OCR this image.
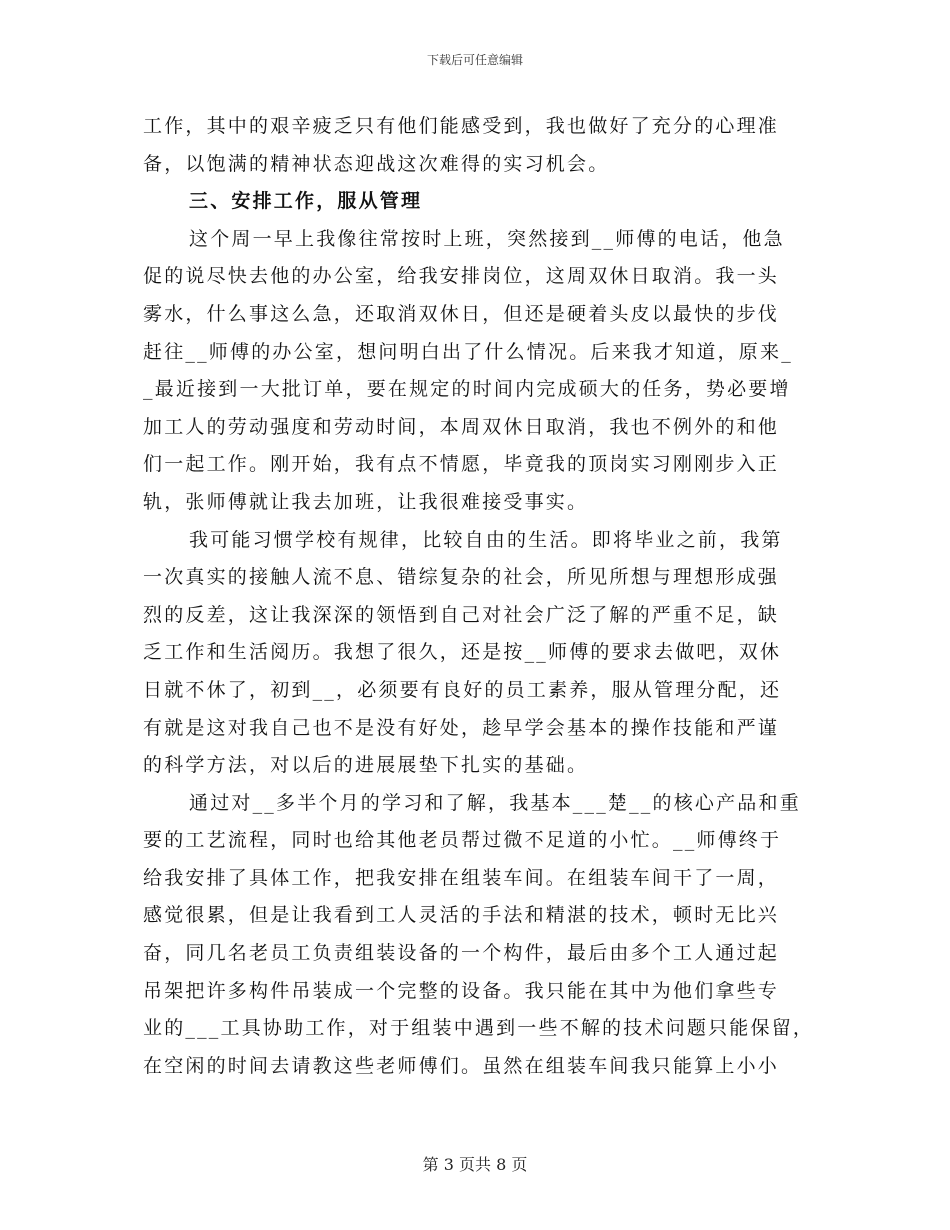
下载后可任意编辑
工作，其中的艰辛疲乏只有他们能感受到，我也做好了充分的心理准
备，以饱满的精神状态迎战这次难得的实习机会。
三、安排工作，服从管理
这个周一早上我像往常按时上班，突然接到__师傅的电话，他急
促的说尽快去他的办公室，给我安排岗位，这周双休日取消。我一头
雾水，什么事这么急，还取消双休日，但还是硬着头皮以最快的步伐
赶往__师傅的办公室，想问明白出了什么情况。后来我才知道，原来_
_最近接到一大批订单，要在规定的时间内完成硕大的任务，势必要增
加工人的劳动强度和劳动时间，本周双休日取消，我也不例外的和他
们一起工作。刚开始，我有点不情愿，毕竟我的顶岗实习刚刚步入正
轨，张师傅就让我去加班，让我很难接受事实。
我可能习惯学校有规律，比较自由的生活。即将毕业之前，我第
一次真实的接触人流不息、错综复杂的社会，所见所想与理想形成强
烈的反差，这让我深深的领悟到自己对社会广泛了解的严重不足，缺
乏工作和生活阅历。我想了很久，还是按__师傅的要求去做吧，双休
日就不休了，初到__，必须要有良好的员工素养，服从管理分配，还
有就是这对我自己也不是没有好处，趁早学会基本的操作技能和严谨
的科学方法，对以后的进展展垫下扎实的基础。
通过对__多半个月的学习和了解，我基本___楚__的核心产品和重
要的工艺流程，同时也给其他老员帮过微不足道的小忙。__师傅终于
给我安排了具体工作，把我安排在组装车间。在组装车间干了一周，
感觉很累，但是让我看到工人灵活的手法和精湛的技术，顿时无比兴
奋，同几名老员工负责组装设备的一个构件，最后由多个工人通过起
吊架把许多构件吊装成一个完整的设备。我只能在其中为他们拿些专
业的___工具协助工作，对于组装中遇到一些不解的技术问题只能保留，
在空闲的时间去请教这些老师傅们。虽然在组装车间我只能算上小小
第 3 页共 8 页
